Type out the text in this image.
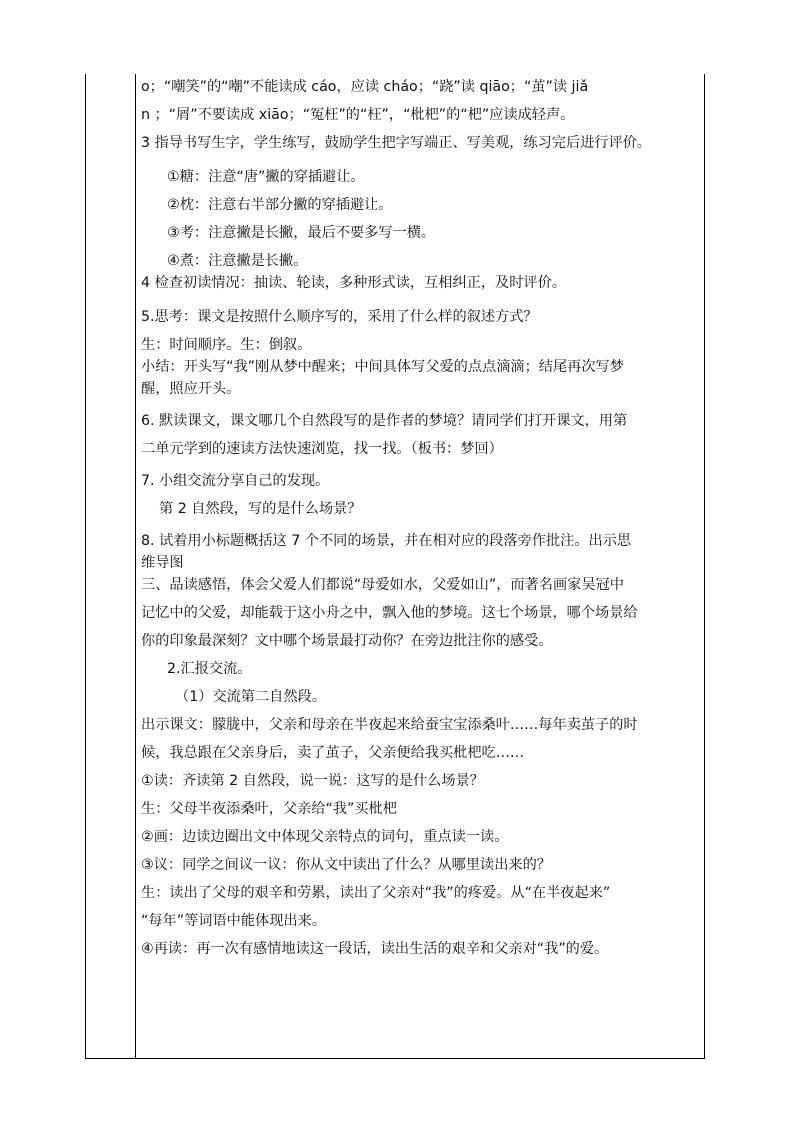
o；“嘲笑”的“嘲”不能读成 cáo，应读 cháo；“跷”读 qiāo；“茧”读 jiǎ
n ；“屑”不要读成 xiāo；“冤枉”的“枉”，“枇杷”的“杷”应读成轻声。
3 指导书写生字，学生练写，鼓励学生把字写端正、写美观，练习完后进行评价。
①糖：注意“唐”撇的穿插避让。
②枕：注意右半部分撇的穿插避让。
③考：注意撇是长撇，最后不要多写一横。
④煮：注意撇是长撇。
4 检查初读情况：抽读、轮读，多种形式读，互相纠正，及时评价。
5.思考：课文是按照什么顺序写的，采用了什么样的叙述方式？
生：时间顺序。生：倒叙。
小结：开头写“我”刚从梦中醒来；中间具体写父爱的点点滴滴；结尾再次写梦
醒，照应开头。
6. 默读课文，课文哪几个自然段写的是作者的梦境？请同学们打开课文，用第
二单元学到的速读方法快速浏览，找一找。（板书：梦回）
7. 小组交流分享自己的发现。
第 2 自然段，写的是什么场景？
8. 试着用小标题概括这 7 个不同的场景，并在相对应的段落旁作批注。出示思
维导图
三、品读感悟，体会父爱人们都说“母爱如水，父爱如山”，而著名画家吴冠中
记忆中的父爱，却能载于这小舟之中，飘入他的梦境。这七个场景，哪个场景给
你的印象最深刻？文中哪个场景最打动你？在旁边批注你的感受。
2.汇报交流。
（1）交流第二自然段。
出示课文：朦胧中，父亲和母亲在半夜起来给蚕宝宝添桑叶……每年卖茧子的时
候，我总跟在父亲身后，卖了茧子，父亲便给我买枇杷吃……
①读：齐读第 2 自然段，说一说：这写的是什么场景？
生：父母半夜添桑叶，父亲给“我”买枇杷
②画：边读边圈出文中体现父亲特点的词句，重点读一读。
③议：同学之间议一议：你从文中读出了什么？从哪里读出来的？
生：读出了父母的艰辛和劳累，读出了父亲对“我”的疼爱。从“在半夜起来”
“每年”等词语中能体现出来。
④再读：再一次有感情地读这一段话，读出生活的艰辛和父亲对“我”的爱。
